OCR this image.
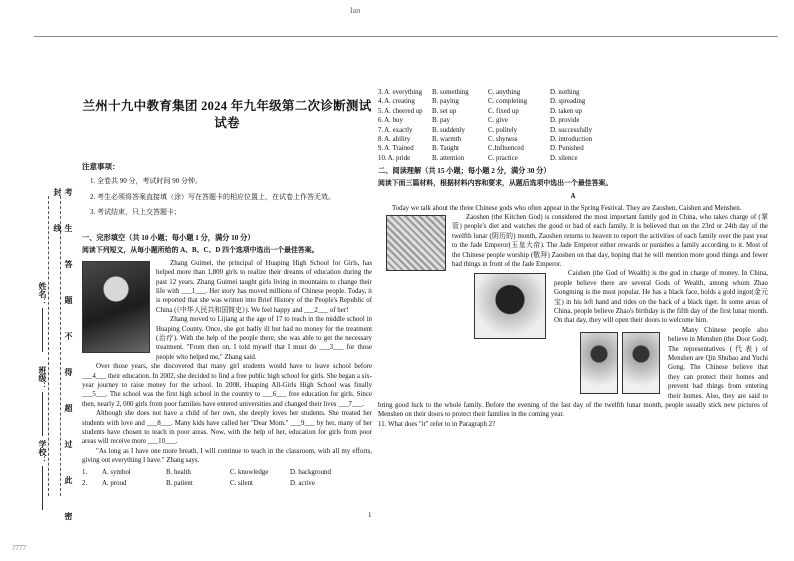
Ian
考 生 答 题 不 得 超 过 此 密 封 线
姓名：
班级：
学校：
兰州十九中教育集团 2024 年九年级第二次诊断测试试卷
注意事项：
1. 全卷共 90 分，考试时间 90 分钟。
2. 考生必须将答案直接填（涂）写在答题卡的相应位置上，在试卷上作答无效。
3. 考试结束，只上交答题卡；
一、完形填空（共 10 小题；每小题 1 分，满分 10 分）
阅读下列短文，从每小题所给的 A、B、C、D 四个选项中选出一个最佳答案。

Zhang Guimei, the principal of Huaping High School for Girls, has helped more than 1,800 girls to realize their dreams of education during the past 12 years. Zhang Guimei taught girls living in mountains to change their life with ___1___. Her story has moved millions of Chinese people. Today, it is reported that she was written into Brief History of the People's Republic of China (《中华人民共和国简史》). We feel happy and ___2___ of her!

Zhang moved to Lijiang at the age of 17 to teach in the middle school in Huaping County. Once, she got badly ill but had no money for the treatment (治疗). With the help of the people there, she was able to get the necessary treatment. "From then on, I told myself that I must do ___3___ for those people who helped me," Zhang said.

Over those years, she discovered that many girl students would have to leave school before ___4___ their education. In 2002, she decided to find a free public high school for girls. She began a six-year journey to raise money for the school. In 2008, Huaping All-Girls High School was finally ___5___. The school was the first high school in the country to ___6___ free education for girls. Since then, nearly 2, 000 girls from poor families have entered universities and changed their lives ___7___.

Although she does not have a child of her own, she deeply loves her students. She treated her students with love and ___8___. Many kids have called her "Dear Mom." ___9___ by her, many of her students have chosen to teach in poor areas. Now, with the help of her, education for girls from poor areas will receive more ___10___.

"As long as I have one more breath, I will continue to teach in the classroom, with all my efforts, giving out everything I have." Zhang says.

1.	A. symbol	B. health	C. knowledge	D. background
2.	A. proud	B. patient	C. silent	D. active
3.A. everything	B. something	C. anything	D. nothing
4.A. creating	B. paying	C. completing	D. spreading
5.A. cheered up	B. set up	C. fixed up	D. taken up
6.A. buy	B. pay	C. give	D. provide
7.A. exactly	B. suddenly	C. politely	D. successfully
8.A. ability	B. warmth	C. shyness	D. introduction
9.A. Trained	B. Taught	C.Influenced	D. Punished
10.A. pride	B. attention	C. practice	D. silence
二、阅读理解（共 15 小题；每小题 2 分，满分 30 分）
阅读下面三篇材料，根据材料内容和要求，从题后选项中选出一个最佳答案。
A

Today we talk about the three Chinese gods who often appear in the Spring Festival. They are Zaoshen, Caishen and Menshen.

Zaoshen (the Kitchen God) is considered the most important family god in China, who takes charge of (掌管) people's diet and watches the good or bad of each family. It is believed that on the 23rd or 24th day of the twelfth lunar (阴历的) month, Zaoshen returns to heaven to report the activities of each family over the past year to the Jade Emperor(玉皇大帝). The Jade Emperor either rewards or punishes a family according to it. Most of the Chinese people worship (敬拜) Zaoshen on that day, hoping that he will mention more good things and fewer bad things in front of the Jade Emperor.

Caishen (the God of Wealth) is the god in charge of money. In China, people believe there are several Gods of Wealth, among whom Zhao Gongming is the most popular. He has a black face, holds a gold ingot(金元宝) in his left hand and rides on the back of a black tiger. In some areas of China, people believe Zhao's birthday is the fifth day of the first lunar month. On that day, they will open their doors to welcome him.

Many Chinese people also believe in Menshen (the Door God). The representatives (代表) of Menshen are Qin Shubao and Yuchi Gong. The Chinese believe that they can protect their homes and prevent bad things from entering their homes. Also, they are said to bring good luck to the whole family. Before the evening of the last day of the twelfth lunar month, people usually stick new pictures of Menshen on their doors to protect their families in the coming year.

11. What does "it" refer to in Paragraph 2?

1
7777
